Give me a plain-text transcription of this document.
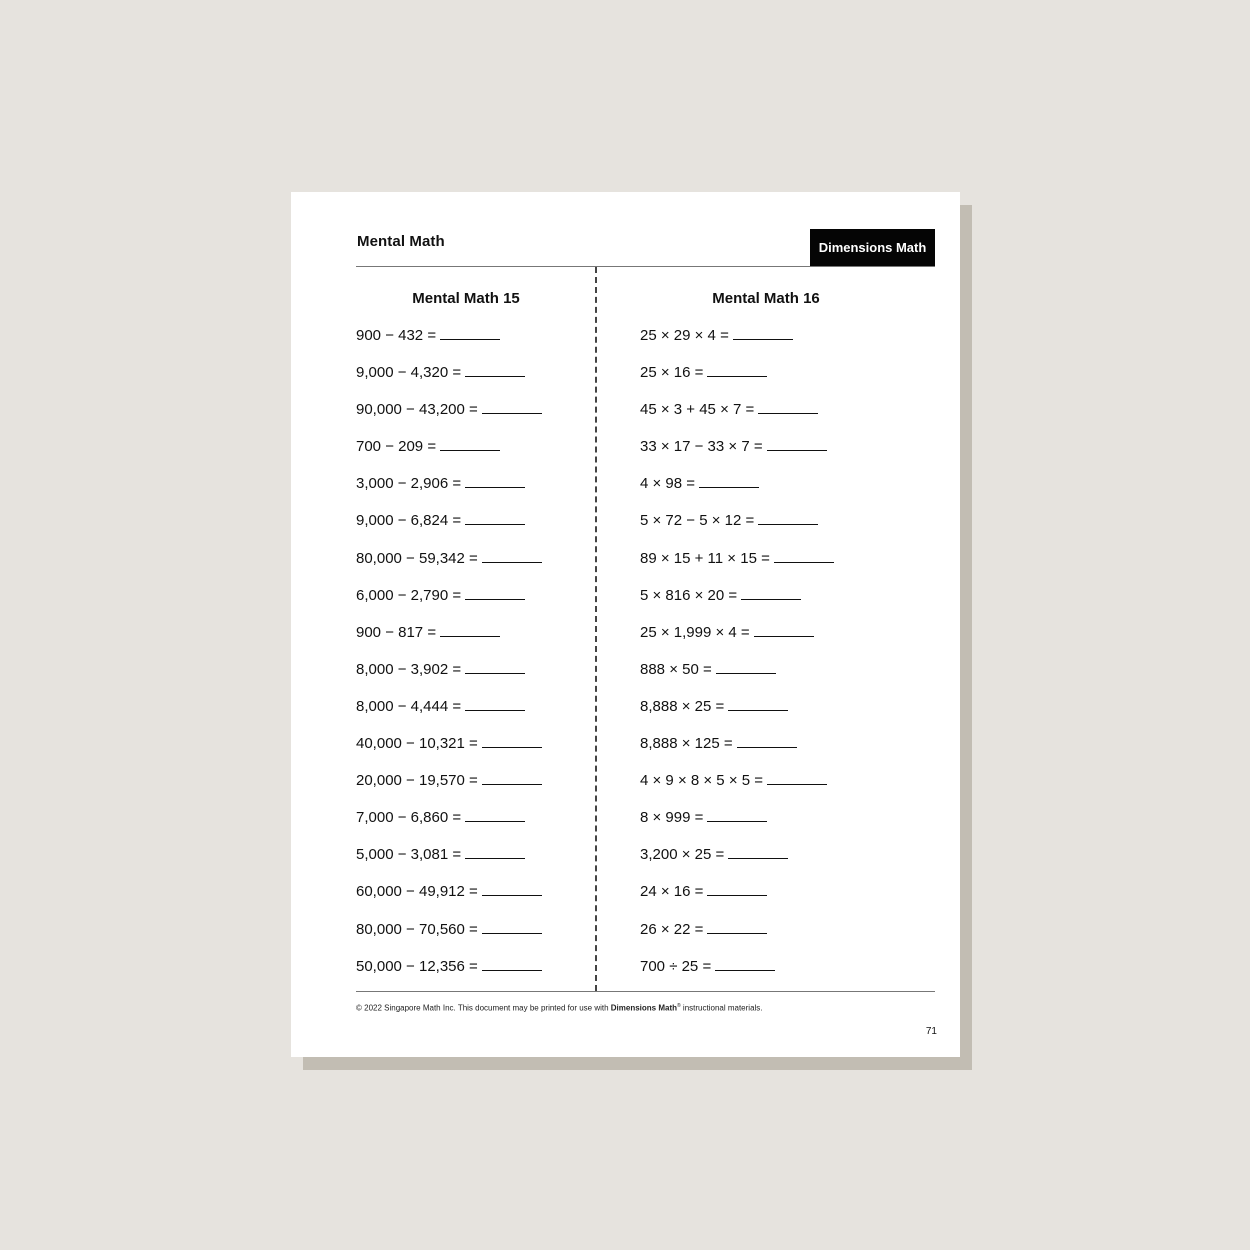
Mental Math	Dimensions Math
Mental Math 15	Mental Math 16
900 − 432 =
9,000 − 4,320 =
90,000 − 43,200 =
700 − 209 =
3,000 − 2,906 =
9,000 − 6,824 =
80,000 − 59,342 =
6,000 − 2,790 =
900 − 817 =
8,000 − 3,902 =
8,000 − 4,444 =
40,000 − 10,321 =
20,000 − 19,570 =
7,000 − 6,860 =
5,000 − 3,081 =
60,000 − 49,912 =
80,000 − 70,560 =
50,000 − 12,356 =
25 × 29 × 4 =
25 × 16 =
45 × 3 + 45 × 7 =
33 × 17 − 33 × 7 =
4 × 98 =
5 × 72 − 5 × 12 =
89 × 15 + 11 × 15 =
5 × 816 × 20 =
25 × 1,999 × 4 =
888 × 50 =
8,888 × 25 =
8,888 × 125 =
4 × 9 × 8 × 5 × 5 =
8 × 999 =
3,200 × 25 =
24 × 16 =
26 × 22 =
700 ÷ 25 =
© 2022 Singapore Math Inc. This document may be printed for use with Dimensions Math® instructional materials.
71
